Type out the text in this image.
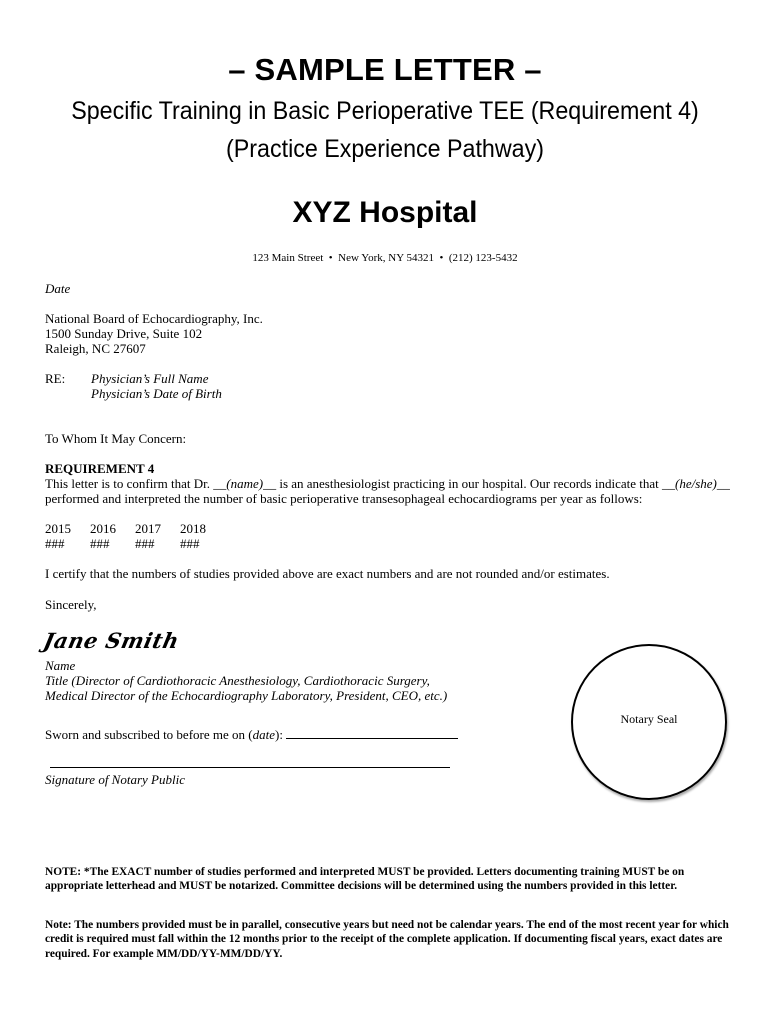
– SAMPLE LETTER –
Specific Training in Basic Perioperative TEE (Requirement 4)
(Practice Experience Pathway)
XYZ Hospital
123 Main Street • New York, NY 54321 • (212) 123-5432
Date
National Board of Echocardiography, Inc.
1500 Sunday Drive, Suite 102
Raleigh, NC 27607
RE: Physician’s Full Name
Physician’s Date of Birth
To Whom It May Concern:
REQUIREMENT 4
This letter is to confirm that Dr. __(name)__ is an anesthesiologist practicing in our hospital. Our records indicate that __(he/she)__
performed and interpreted the number of basic perioperative transesophageal echocardiograms per year as follows:
2015 2016 2017 2018
### ### ### ###
I certify that the numbers of studies provided above are exact numbers and are not rounded and/or estimates.
Sincerely,
Jane Smith
Name
Title (Director of Cardiothoracic Anesthesiology, Cardiothoracic Surgery,
Medical Director of the Echocardiography Laboratory, President, CEO, etc.)
Sworn and subscribed to before me on (date):
Signature of Notary Public
Notary Seal
NOTE: *The EXACT number of studies performed and interpreted MUST be provided. Letters documenting training MUST be on appropriate letterhead and MUST be notarized. Committee decisions will be determined using the numbers provided in this letter.
Note: The numbers provided must be in parallel, consecutive years but need not be calendar years. The end of the most recent year for which credit is required must fall within the 12 months prior to the receipt of the complete application. If documenting fiscal years, exact dates are required. For example MM/DD/YY-MM/DD/YY.
